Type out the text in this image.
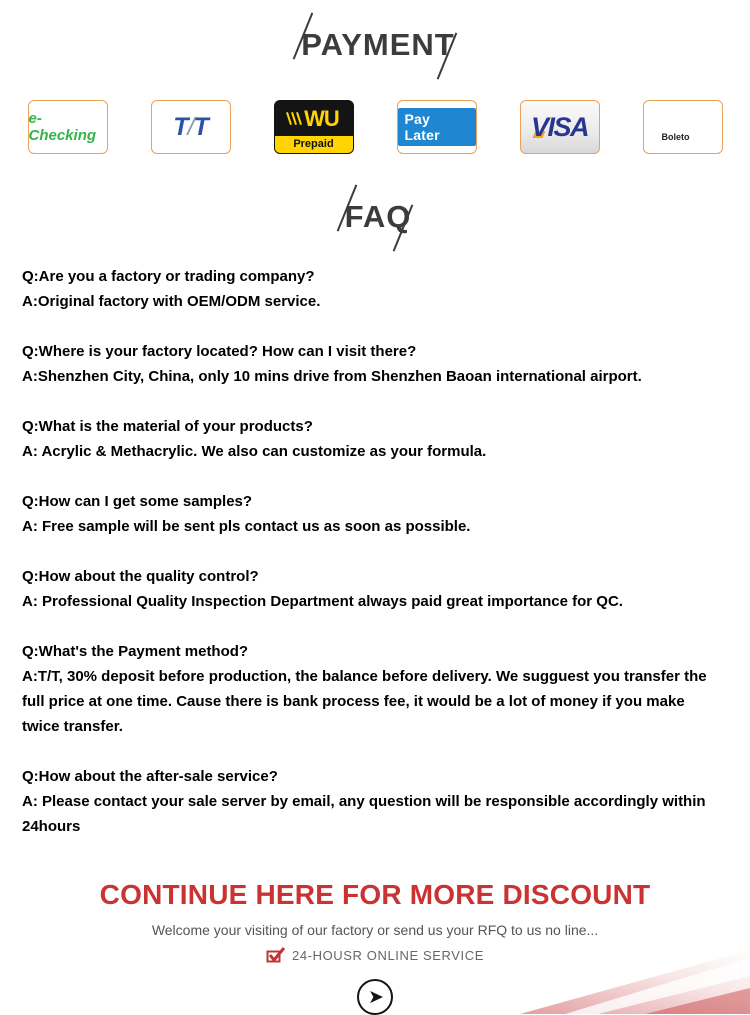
PAYMENT
e-Checking	T/T	WU
Prepaid
Pay Later	VISA	Boleto
FAQ
Q:Are you a factory or trading company?
A:Original factory with OEM/ODM service.
Q:Where is your factory located? How can I visit there?
A:Shenzhen City, China, only 10 mins drive from Shenzhen Baoan international airport.
Q:What is the material of your products?
A: Acrylic & Methacrylic. We also can customize as your formula.
Q:How can I get some samples?
A: Free sample will be sent pls contact us as soon as possible.
Q:How about the quality control?
A: Professional Quality Inspection Department always paid great importance for QC.
Q:What's the Payment method?
A:T/T, 30% deposit before production, the balance before delivery. We sugguest you transfer the full price at one time. Cause there is bank process fee, it would be a lot of money if you make twice transfer.
Q:How about the after-sale service?
A: Please contact your sale server by email, any question will be responsible accordingly within 24hours
CONTINUE HERE FOR MORE DISCOUNT
Welcome your visiting of our factory or send us your RFQ to us no line...
24-HOUSR ONLINE SERVICE
➤
